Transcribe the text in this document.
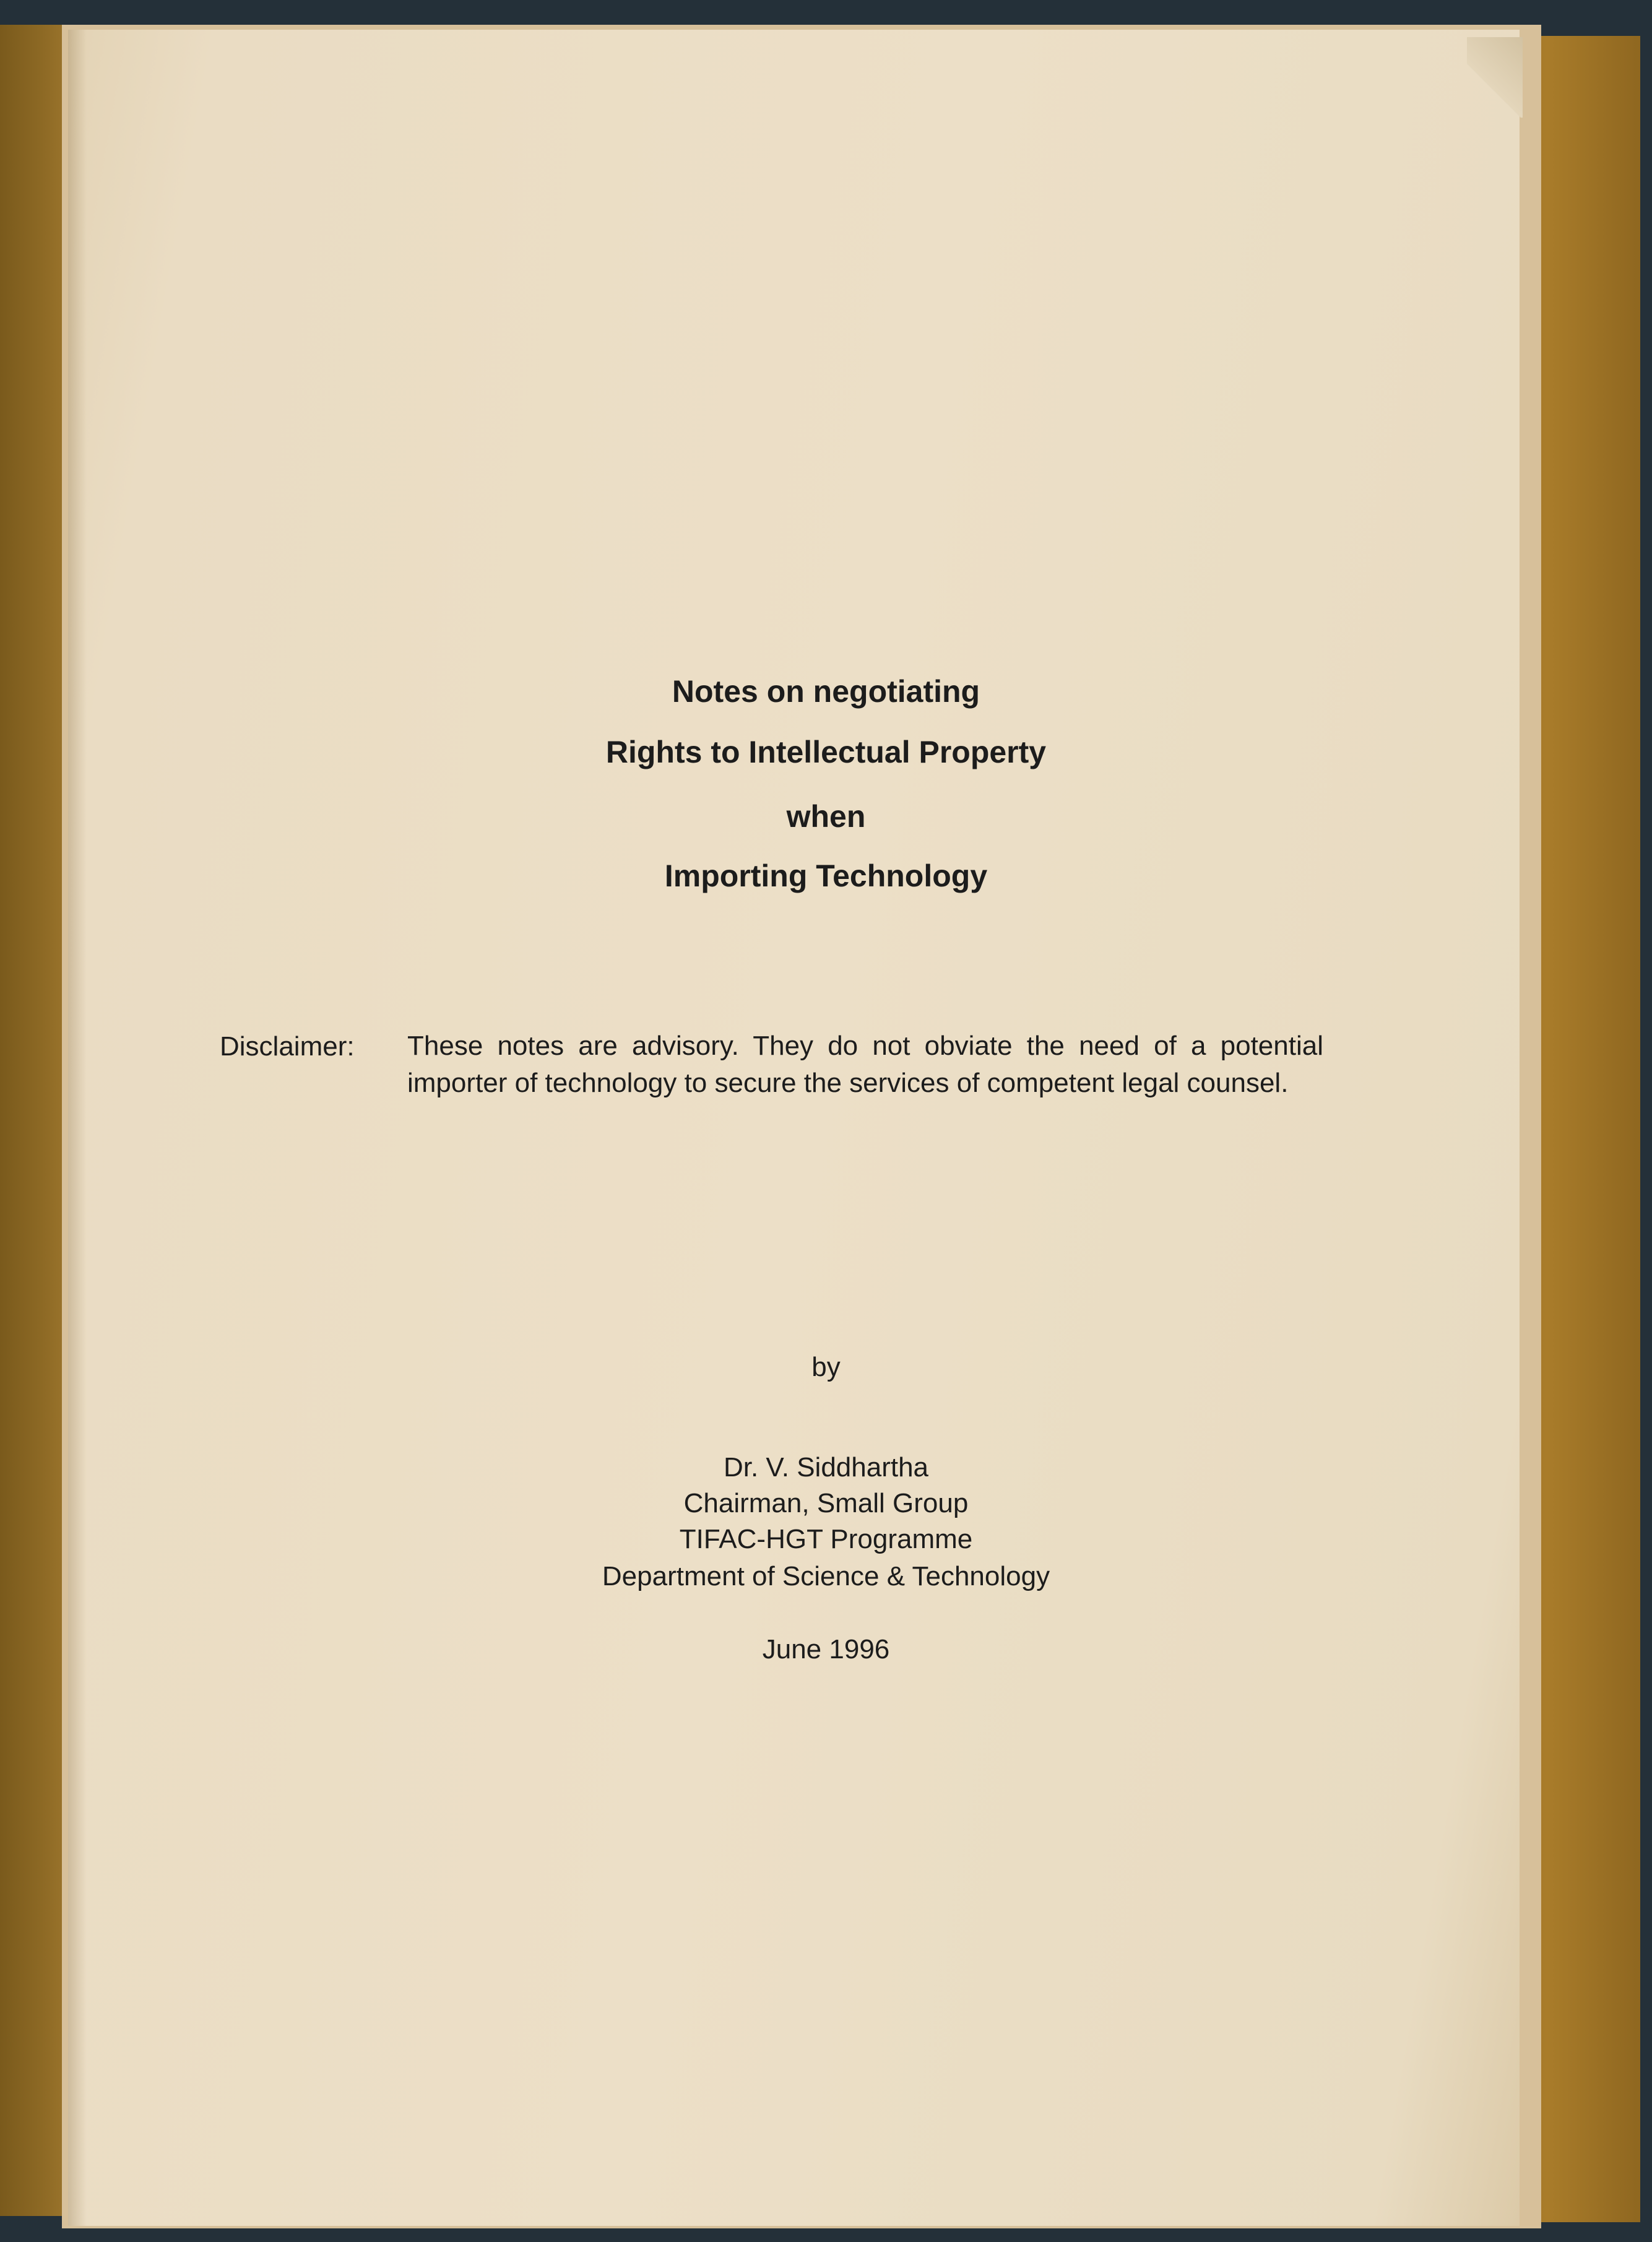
Notes on negotiating
Rights to Intellectual Property
when
Importing Technology
Disclaimer: These notes are advisory. They do not obviate the need of a potential importer of technology to secure the services of competent legal counsel.
by
Dr. V. Siddhartha
Chairman, Small Group
TIFAC-HGT Programme
Department of Science & Technology
June 1996
